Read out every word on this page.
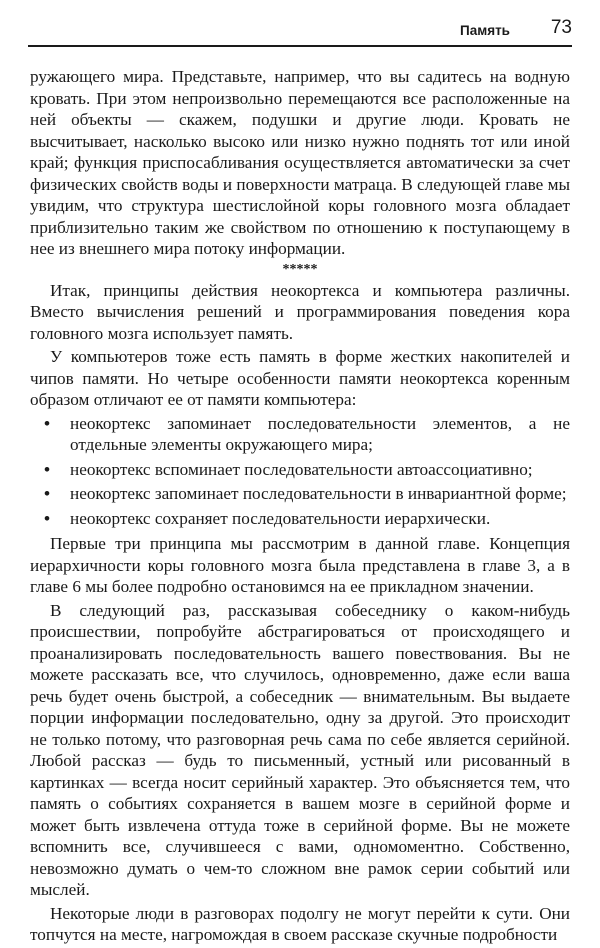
Память 73

ружающего мира. Представьте, например, что вы садитесь на водную кровать. При этом непроизвольно перемещаются все расположенные на ней объекты — скажем, подушки и другие люди. Кровать не высчитывает, насколько высоко или низко нужно поднять тот или иной край; функция приспосабливания осуществляется автоматически за счет физических свойств воды и поверхности матраца. В следующей главе мы увидим, что структура шестислойной коры головного мозга обладает приблизительно таким же свойством по отношению к поступающему в нее из внешнего мира потоку информации.

*****

Итак, принципы действия неокортекса и компьютера различны. Вместо вычисления решений и программирования поведения кора головного мозга использует память.

У компьютеров тоже есть память в форме жестких накопителей и чипов памяти. Но четыре особенности памяти неокортекса коренным образом отличают ее от памяти компьютера:

• неокортекс запоминает последовательности элементов, а не отдельные элементы окружающего мира;
• неокортекс вспоминает последовательности автоассоциативно;
• неокортекс запоминает последовательности в инвариантной форме;
• неокортекс сохраняет последовательности иерархически.

Первые три принципа мы рассмотрим в данной главе. Концепция иерархичности коры головного мозга была представлена в главе 3, а в главе 6 мы более подробно остановимся на ее прикладном значении.

В следующий раз, рассказывая собеседнику о каком-нибудь происшествии, попробуйте абстрагироваться от происходящего и проанализировать последовательность вашего повествования. Вы не можете рассказать все, что случилось, одновременно, даже если ваша речь будет очень быстрой, а собеседник — внимательным. Вы выдаете порции информации последовательно, одну за другой. Это происходит не только потому, что разговорная речь сама по себе является серийной. Любой рассказ — будь то письменный, устный или рисованный в картинках — всегда носит серийный характер. Это объясняется тем, что память о событиях сохраняется в вашем мозге в серийной форме и может быть извлечена оттуда тоже в серийной форме. Вы не можете вспомнить все, случившееся с вами, одномоментно. Собственно, невозможно думать о чем-то сложном вне рамок серии событий или мыслей.

Некоторые люди в разговорах подолгу не могут перейти к сути. Они топчутся на месте, нагромождая в своем рассказе скучные подробности
